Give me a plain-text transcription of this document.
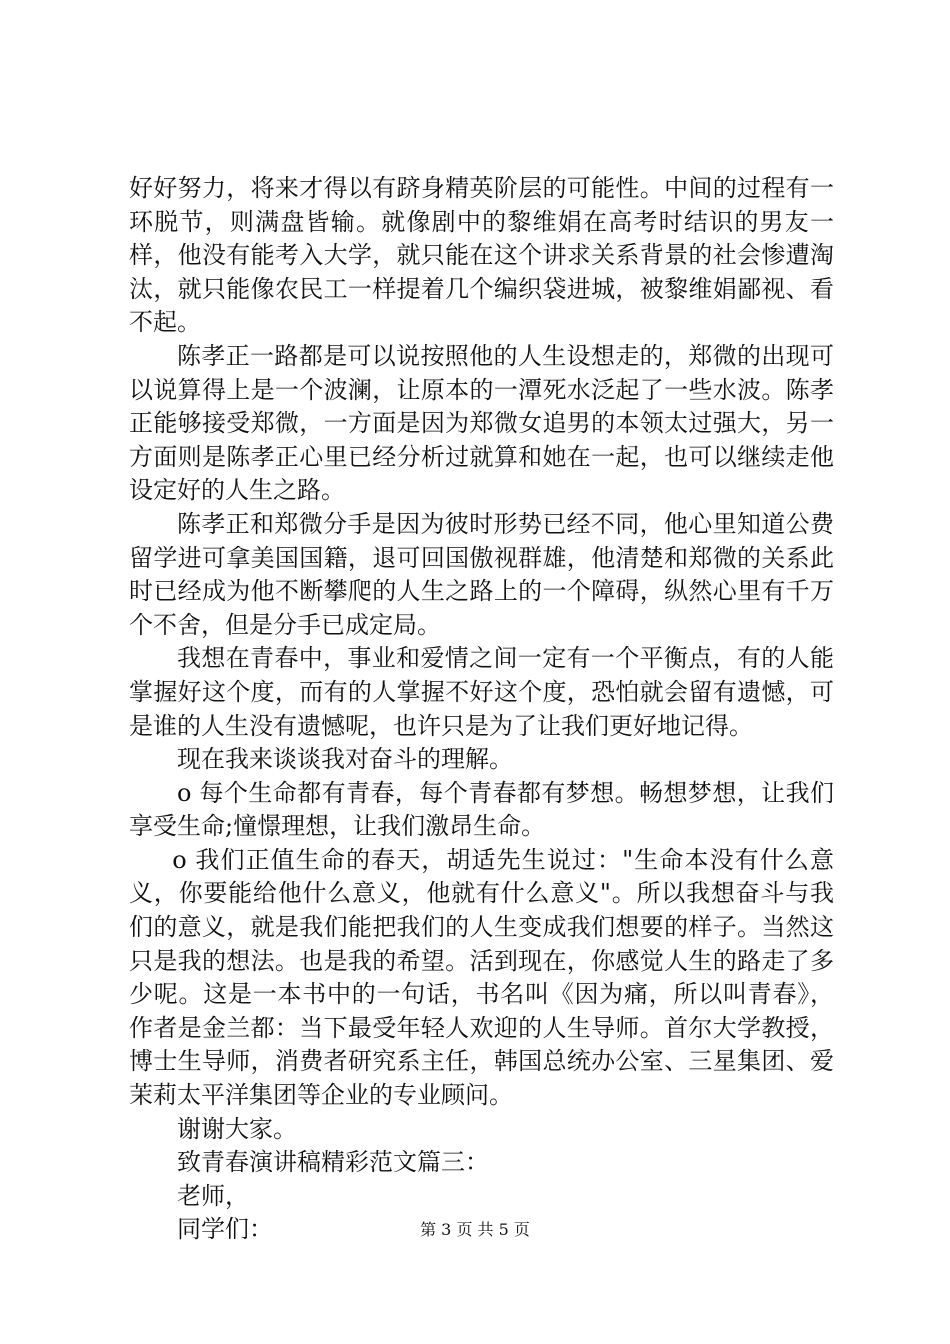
好好努力，将来才得以有跻身精英阶层的可能性。中间的过程有一环脱节，则满盘皆输。就像剧中的黎维娟在高考时结识的男友一样，他没有能考入大学，就只能在这个讲求关系背景的社会惨遭淘汰，就只能像农民工一样提着几个编织袋进城，被黎维娟鄙视、看不起。

陈孝正一路都是可以说按照他的人生设想走的，郑微的出现可以说算得上是一个波澜，让原本的一潭死水泛起了一些水波。陈孝正能够接受郑微，一方面是因为郑微女追男的本领太过强大，另一方面则是陈孝正心里已经分析过就算和她在一起，也可以继续走他设定好的人生之路。

陈孝正和郑微分手是因为彼时形势已经不同，他心里知道公费留学进可拿美国国籍，退可回国傲视群雄，他清楚和郑微的关系此时已经成为他不断攀爬的人生之路上的一个障碍，纵然心里有千万个不舍，但是分手已成定局。

我想在青春中，事业和爱情之间一定有一个平衡点，有的人能掌握好这个度，而有的人掌握不好这个度，恐怕就会留有遗憾，可是谁的人生没有遗憾呢，也许只是为了让我们更好地记得。

现在我来谈谈我对奋斗的理解。

o 每个生命都有青春，每个青春都有梦想。畅想梦想，让我们享受生命;憧憬理想，让我们激昂生命。

o 我们正值生命的春天，胡适先生说过："生命本没有什么意义，你要能给他什么意义，他就有什么意义"。所以我想奋斗与我们的意义，就是我们能把我们的人生变成我们想要的样子。当然这只是我的想法。也是我的希望。活到现在，你感觉人生的路走了多少呢。这是一本书中的一句话，书名叫《因为痛，所以叫青春》，作者是金兰都：当下最受年轻人欢迎的人生导师。首尔大学教授，博士生导师，消费者研究系主任，韩国总统办公室、三星集团、爱茉莉太平洋集团等企业的专业顾问。

谢谢大家。

致青春演讲稿精彩范文篇三：

老师，

同学们：	第 3 页 共 5 页
